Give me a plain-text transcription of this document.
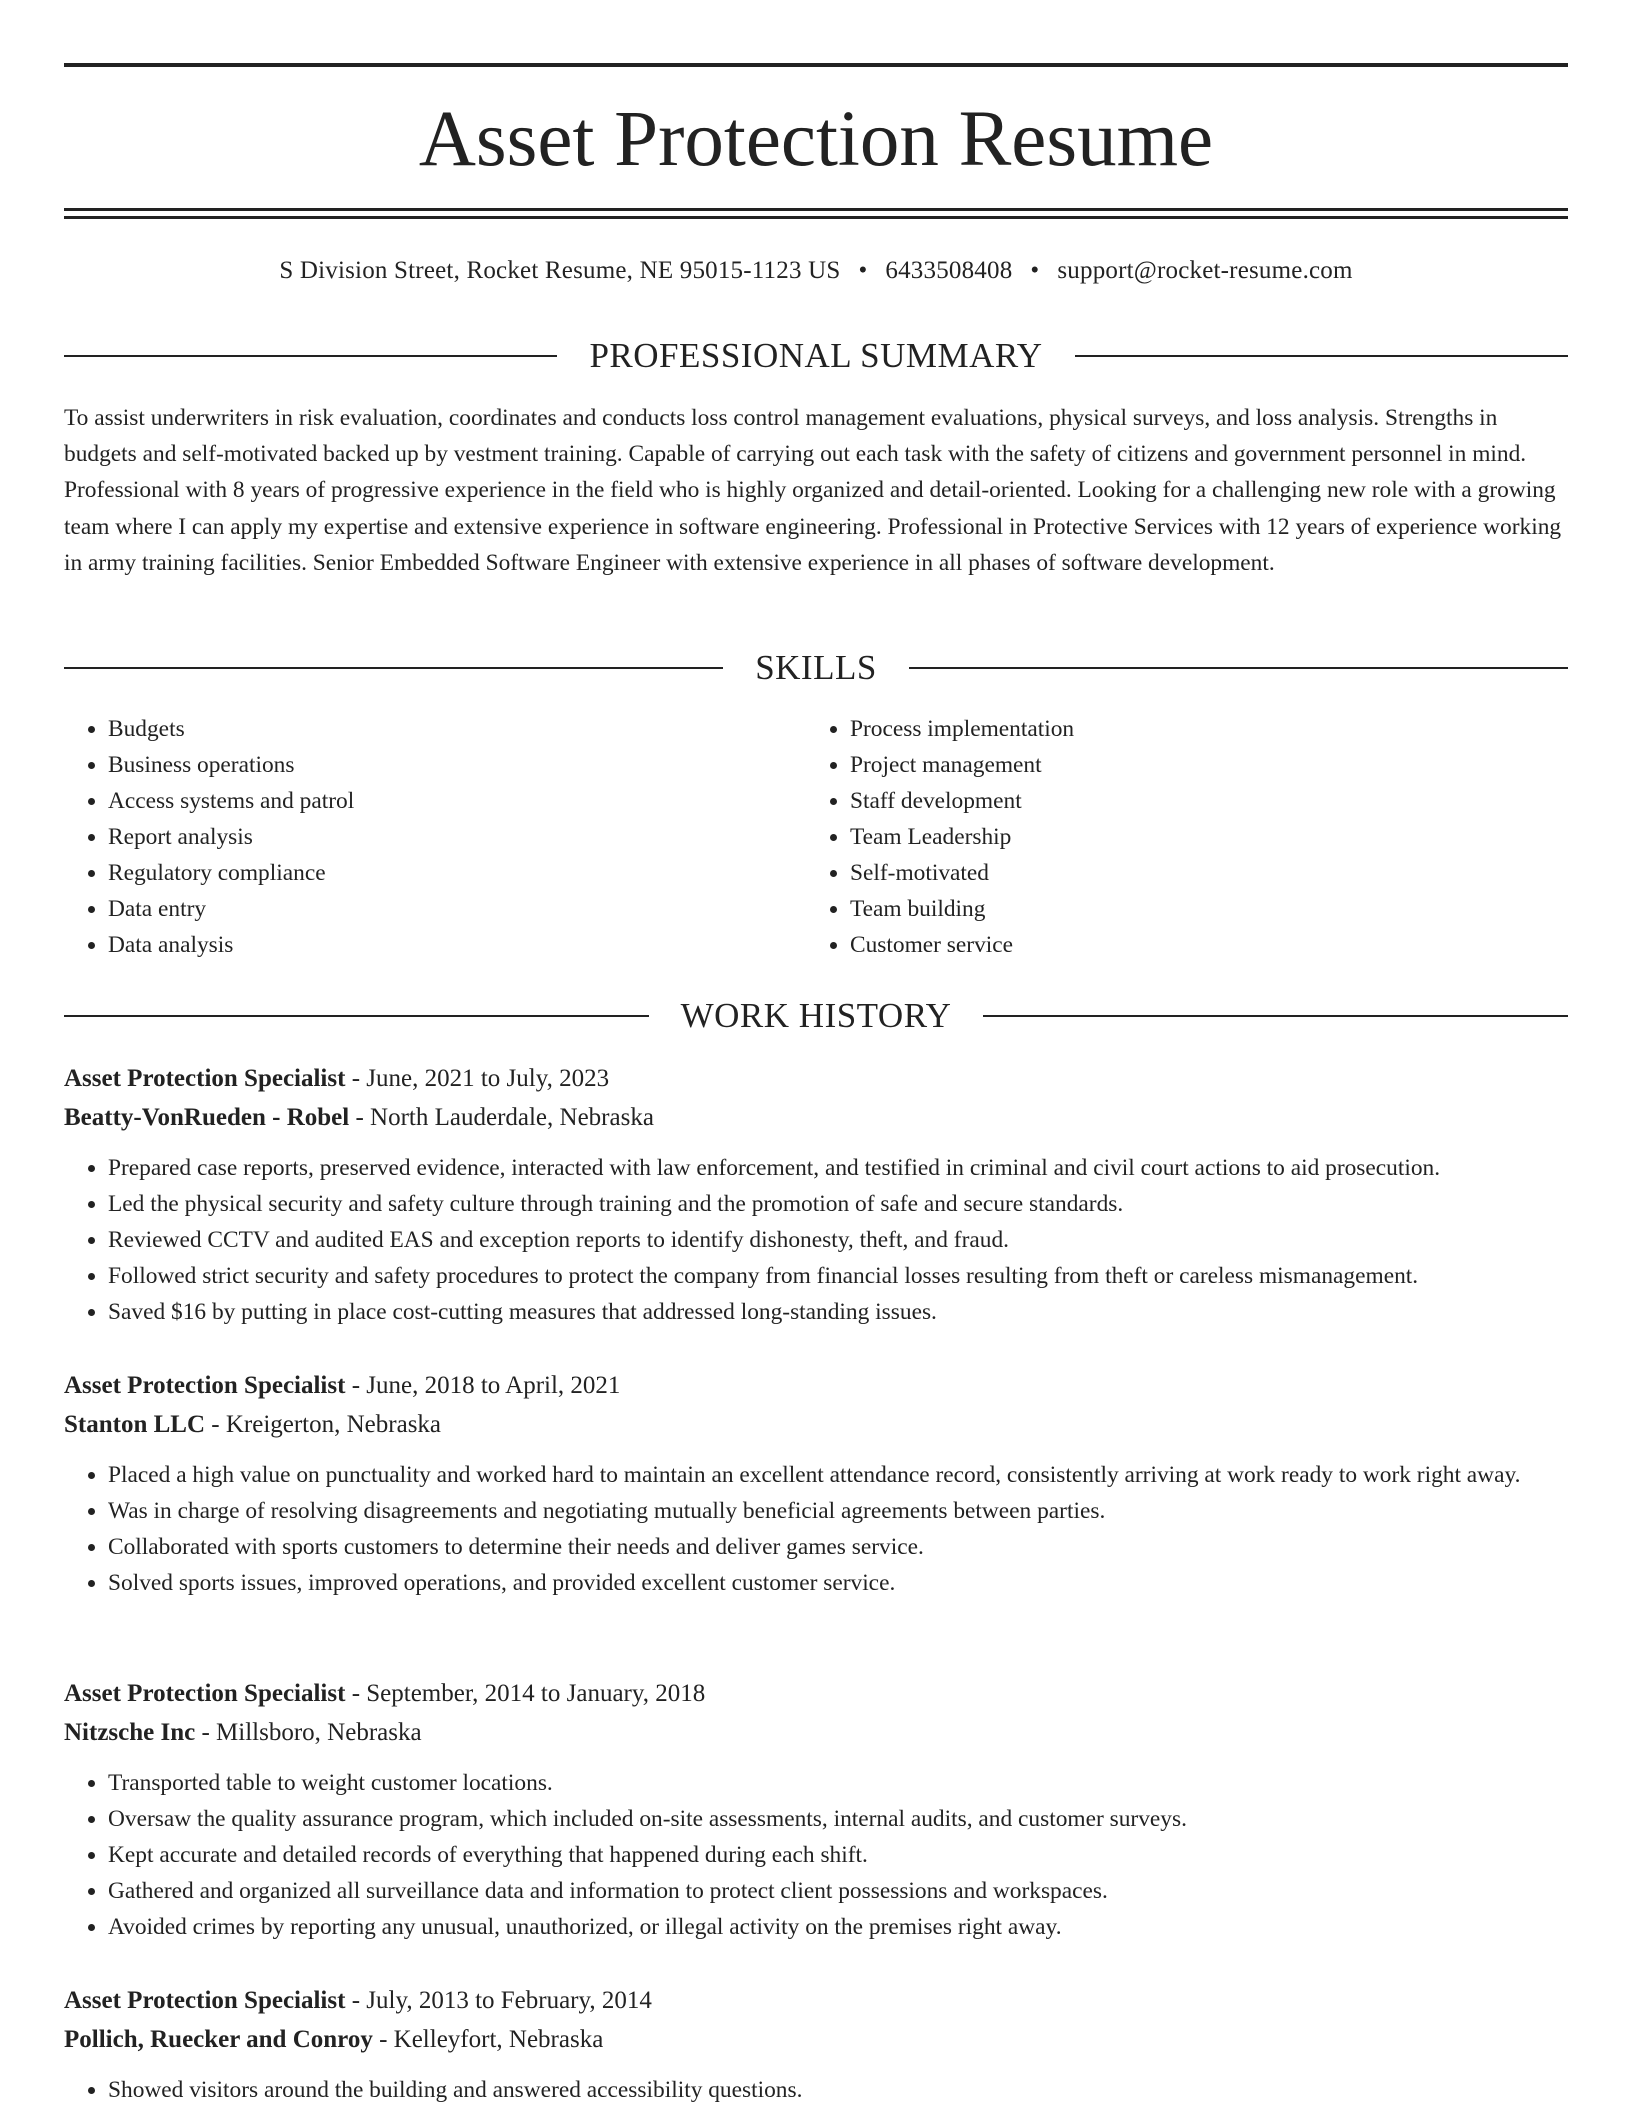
Asset Protection Resume
S Division Street, Rocket Resume, NE 95015-1123 US • 6433508408 • support@rocket-resume.com
PROFESSIONAL SUMMARY

To assist underwriters in risk evaluation, coordinates and conducts loss control management evaluations, physical surveys, and loss analysis. Strengths in budgets and self-motivated backed up by vestment training. Capable of carrying out each task with the safety of citizens and government personnel in mind. Professional with 8 years of progressive experience in the field who is highly organized and detail-oriented. Looking for a challenging new role with a growing team where I can apply my expertise and extensive experience in software engineering. Professional in Protective Services with 12 years of experience working in army training facilities. Senior Embedded Software Engineer with extensive experience in all phases of software development.

SKILLS
• Budgets
• Business operations
• Access systems and patrol
• Report analysis
• Regulatory compliance
• Data entry
• Data analysis
• Process implementation
• Project management
• Staff development
• Team Leadership
• Self-motivated
• Team building
• Customer service
WORK HISTORY

Asset Protection Specialist - June, 2021 to July, 2023

Beatty-VonRueden - Robel - North Lauderdale, Nebraska

• Prepared case reports, preserved evidence, interacted with law enforcement, and testified in criminal and civil court actions to aid prosecution.
• Led the physical security and safety culture through training and the promotion of safe and secure standards.
• Reviewed CCTV and audited EAS and exception reports to identify dishonesty, theft, and fraud.
• Followed strict security and safety procedures to protect the company from financial losses resulting from theft or careless mismanagement.
• Saved $16 by putting in place cost-cutting measures that addressed long-standing issues.

Asset Protection Specialist - June, 2018 to April, 2021

Stanton LLC - Kreigerton, Nebraska

• Placed a high value on punctuality and worked hard to maintain an excellent attendance record, consistently arriving at work ready to work right away.
• Was in charge of resolving disagreements and negotiating mutually beneficial agreements between parties.
• Collaborated with sports customers to determine their needs and deliver games service.
• Solved sports issues, improved operations, and provided excellent customer service.

Asset Protection Specialist - September, 2014 to January, 2018

Nitzsche Inc - Millsboro, Nebraska

• Transported table to weight customer locations.
• Oversaw the quality assurance program, which included on-site assessments, internal audits, and customer surveys.
• Kept accurate and detailed records of everything that happened during each shift.
• Gathered and organized all surveillance data and information to protect client possessions and workspaces.
• Avoided crimes by reporting any unusual, unauthorized, or illegal activity on the premises right away.

Asset Protection Specialist - July, 2013 to February, 2014

Pollich, Ruecker and Conroy - Kelleyfort, Nebraska

• Showed visitors around the building and answered accessibility questions.
